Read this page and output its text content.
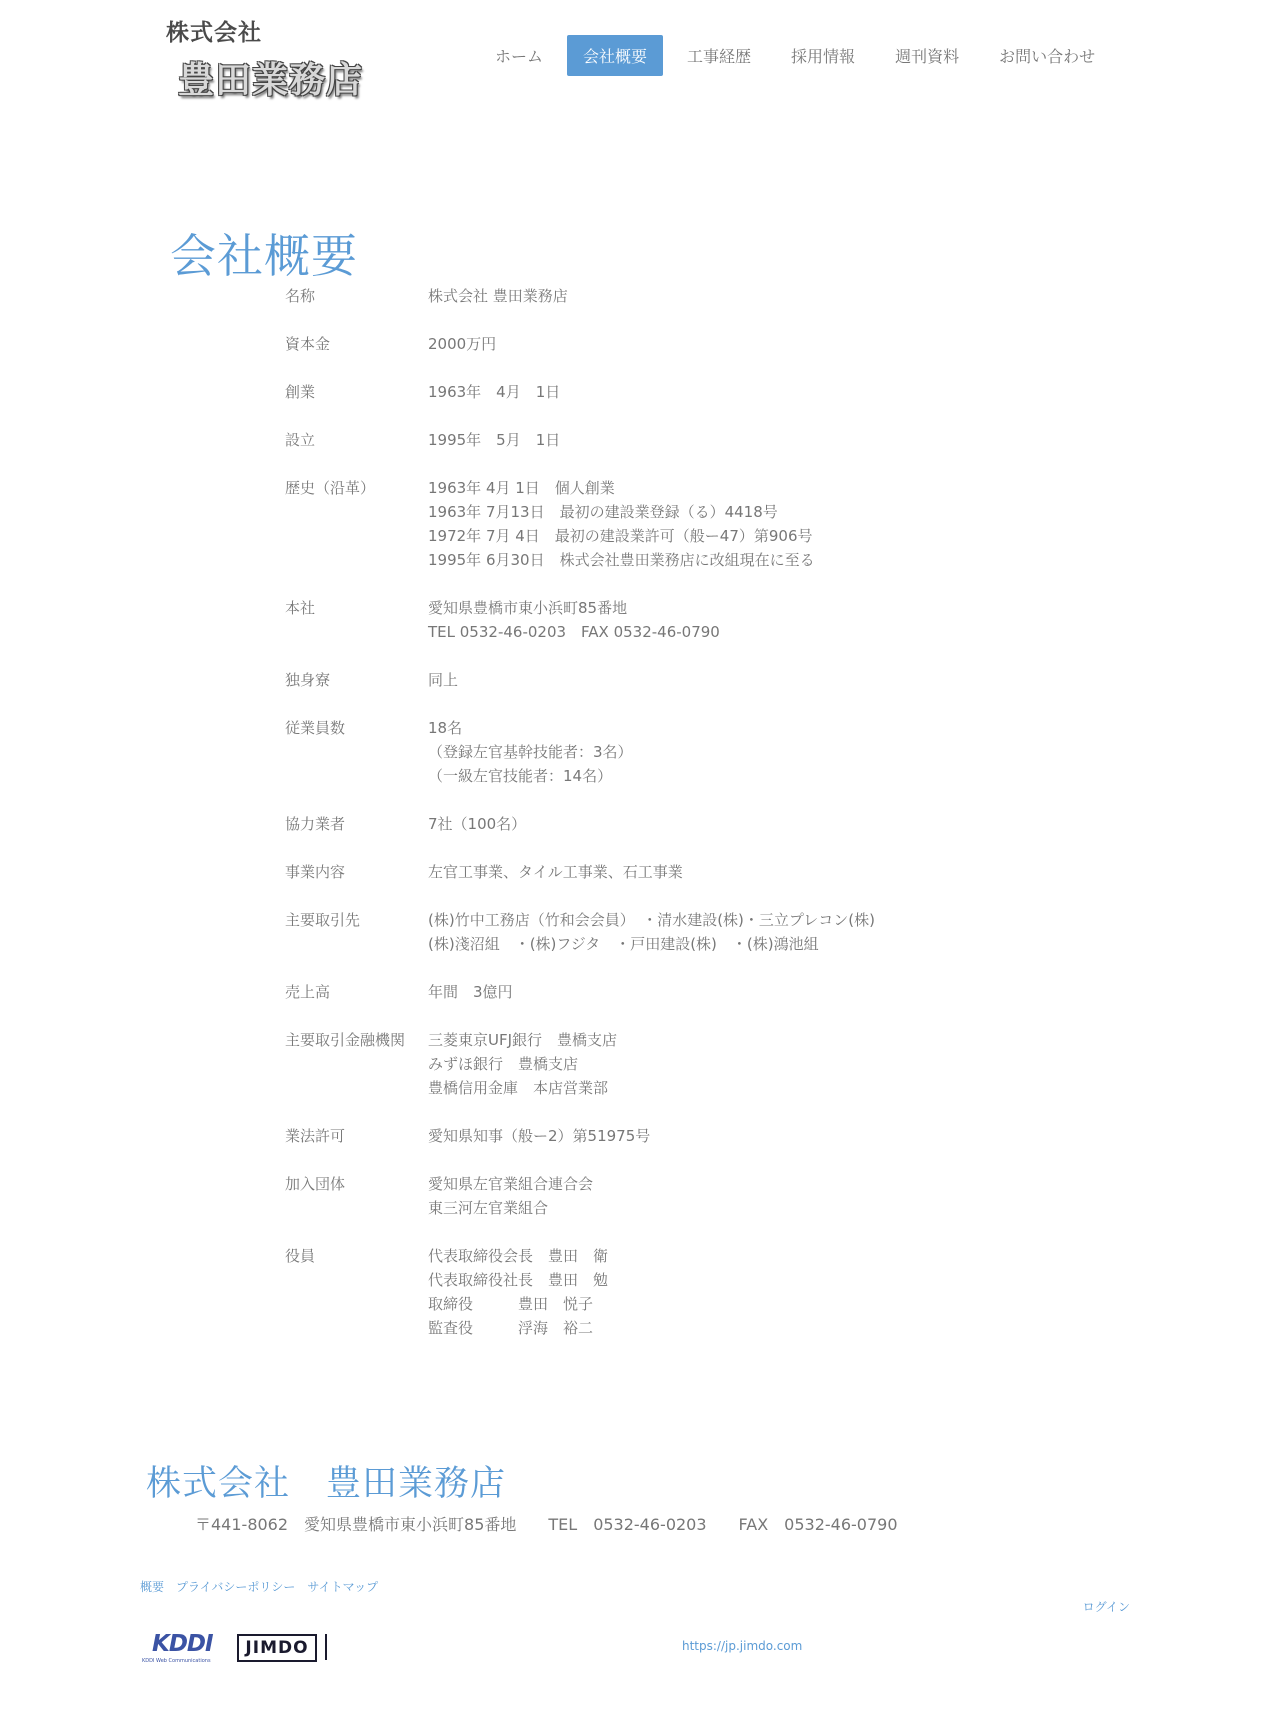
株式会社
豊田業務店
ホーム	会社概要	工事経歴	採用情報	週刊資料	お問い合わせ
会社概要
名称	株式会社 豊田業務店
資本金	2000万円
創業	1963年　4月　1日
設立	1995年　5月　1日
歴史（沿革）	1963年 4月 1日　個人創業
1963年 7月13日　最初の建設業登録（る）4418号
1972年 7月 4日　最初の建設業許可（般ー47）第906号
1995年 6月30日　株式会社豊田業務店に改組現在に至る
本社	愛知県豊橋市東小浜町85番地
TEL 0532-46-0203　FAX 0532-46-0790
独身寮	同上
従業員数	18名
（登録左官基幹技能者：3名）
（一級左官技能者：14名）
協力業者	7社（100名）
事業内容	左官工事業、タイル工事業、石工事業
主要取引先	(株)竹中工務店（竹和会会員）　・清水建設(株)・三立プレコン(株)
(株)淺沼組　・(株)フジタ　・戸田建設(株)　・(株)鴻池組
売上高	年間　3億円
主要取引金融機関	三菱東京UFJ銀行　豊橋支店
みずほ銀行　豊橋支店
豊橋信用金庫　本店営業部
業法許可	愛知県知事（般ー2）第51975号
加入団体	愛知県左官業組合連合会
東三河左官業組合
役員	代表取締役会長　豊田　衛
代表取締役社長　豊田　勉
取締役　　　豊田　悦子
監査役　　　浮海　裕二
株式会社　豊田業務店
〒441-8062　愛知県豊橋市東小浜町85番地　　TEL　0532-46-0203　　FAX　0532-46-0790
概要 プライバシーポリシー サイトマップ
ログイン
KDDI
KDDI Web Communications
JIMDO	https://jp.jimdo.com
